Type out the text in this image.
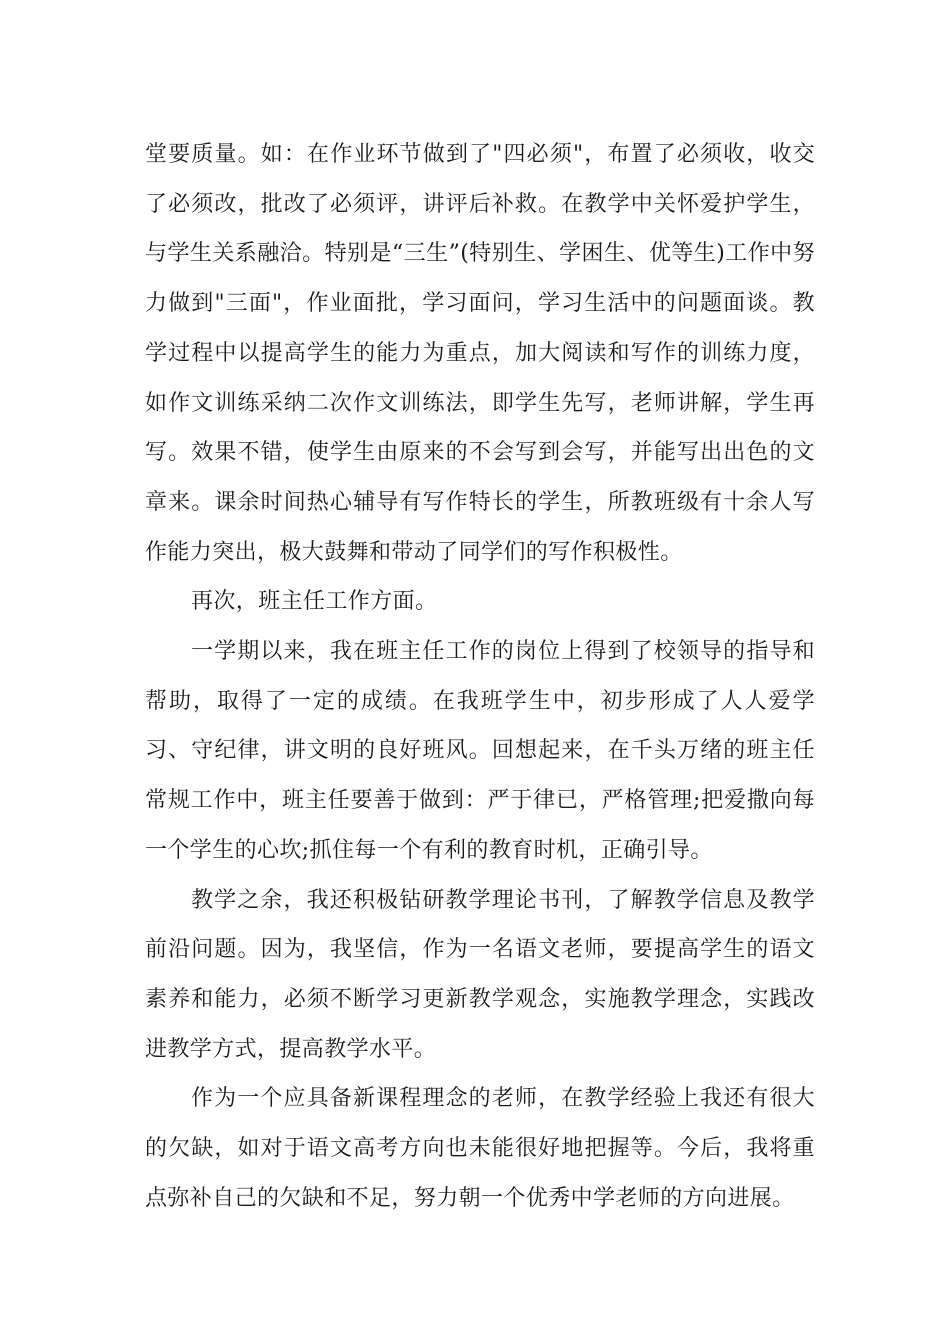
堂要质量。如：在作业环节做到了"四必须"，布置了必须收，收交了必须改，批改了必须评，讲评后补救。在教学中关怀爱护学生，与学生关系融洽。特别是“三生”(特别生、学困生、优等生)工作中努力做到"三面"，作业面批，学习面问，学习生活中的问题面谈。教学过程中以提高学生的能力为重点，加大阅读和写作的训练力度，如作文训练采纳二次作文训练法，即学生先写，老师讲解，学生再写。效果不错，使学生由原来的不会写到会写，并能写出出色的文章来。课余时间热心辅导有写作特长的学生，所教班级有十余人写作能力突出，极大鼓舞和带动了同学们的写作积极性。

再次，班主任工作方面。

一学期以来，我在班主任工作的岗位上得到了校领导的指导和帮助，取得了一定的成绩。在我班学生中，初步形成了人人爱学习、守纪律，讲文明的良好班风。回想起来，在千头万绪的班主任常规工作中，班主任要善于做到：严于律已，严格管理;把爱撒向每一个学生的心坎;抓住每一个有利的教育时机，正确引导。

教学之余，我还积极钻研教学理论书刊，了解教学信息及教学前沿问题。因为，我坚信，作为一名语文老师，要提高学生的语文素养和能力，必须不断学习更新教学观念，实施教学理念，实践改进教学方式，提高教学水平。

作为一个应具备新课程理念的老师，在教学经验上我还有很大的欠缺，如对于语文高考方向也未能很好地把握等。今后，我将重点弥补自己的欠缺和不足，努力朝一个优秀中学老师的方向进展。
